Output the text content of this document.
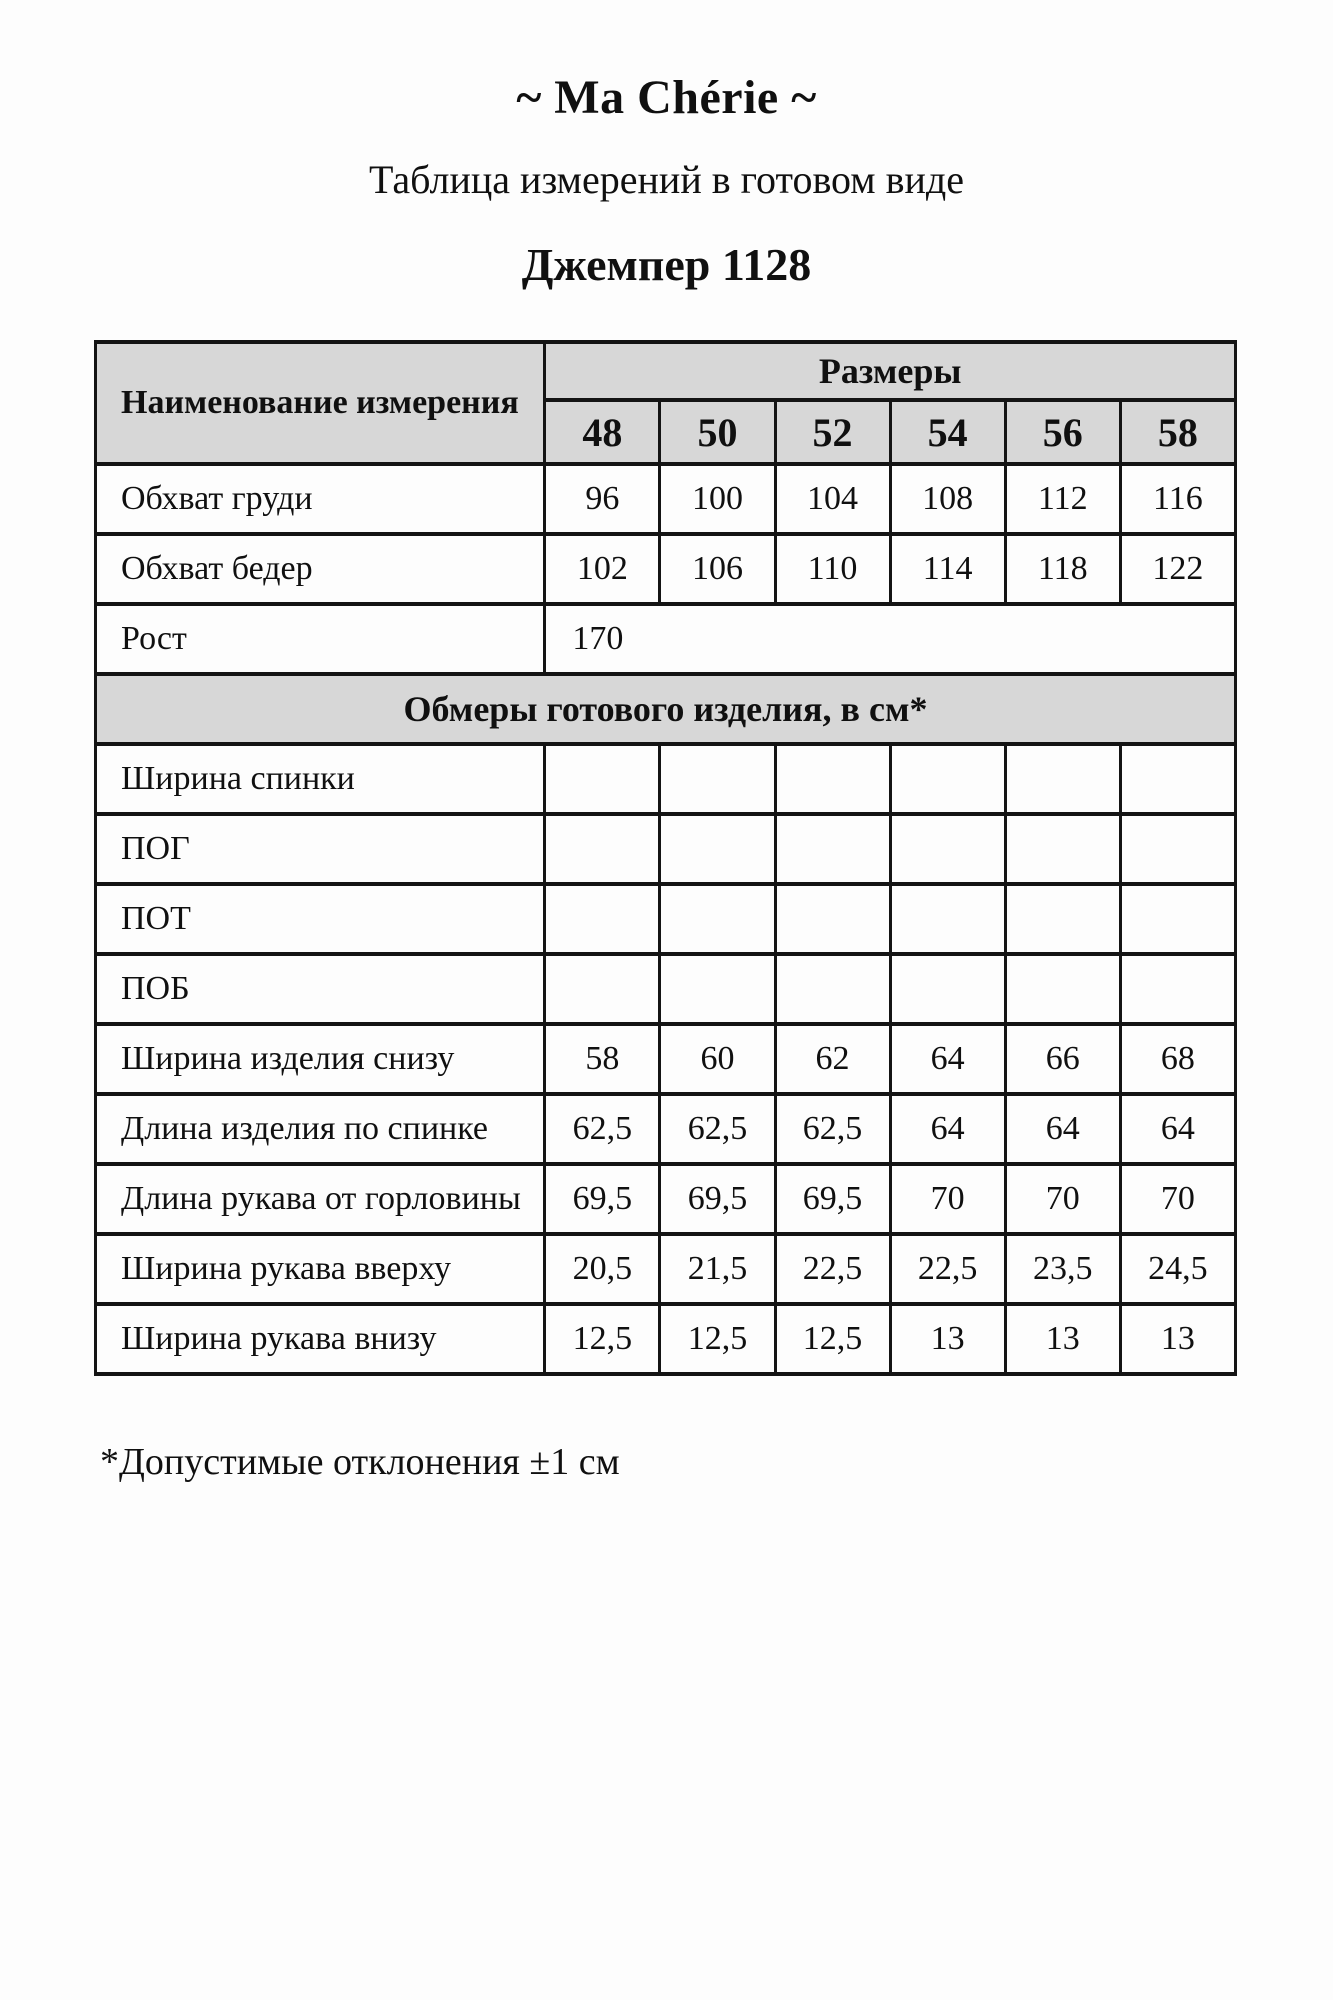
~ Ma Chérie ~
Таблица измерений в готовом виде
Джемпер 1128
Наименование измерения	Размеры					
	48	50	52	54	56	58
Обхват груди	96	100	104	108	112	116
Обхват бедер	102	106	110	114	118	122
Рост	170					
Обмеры готового изделия, в см*						
Ширина спинки						
ПОГ						
ПОТ						
ПОБ						
Ширина изделия снизу	58	60	62	64	66	68
Длина изделия по спинке	62,5	62,5	62,5	64	64	64
Длина рукава от горловины	69,5	69,5	69,5	70	70	70
Ширина рукава вверху	20,5	21,5	22,5	22,5	23,5	24,5
Ширина рукава внизу	12,5	12,5	12,5	13	13	13
*Допустимые отклонения ±1 см
